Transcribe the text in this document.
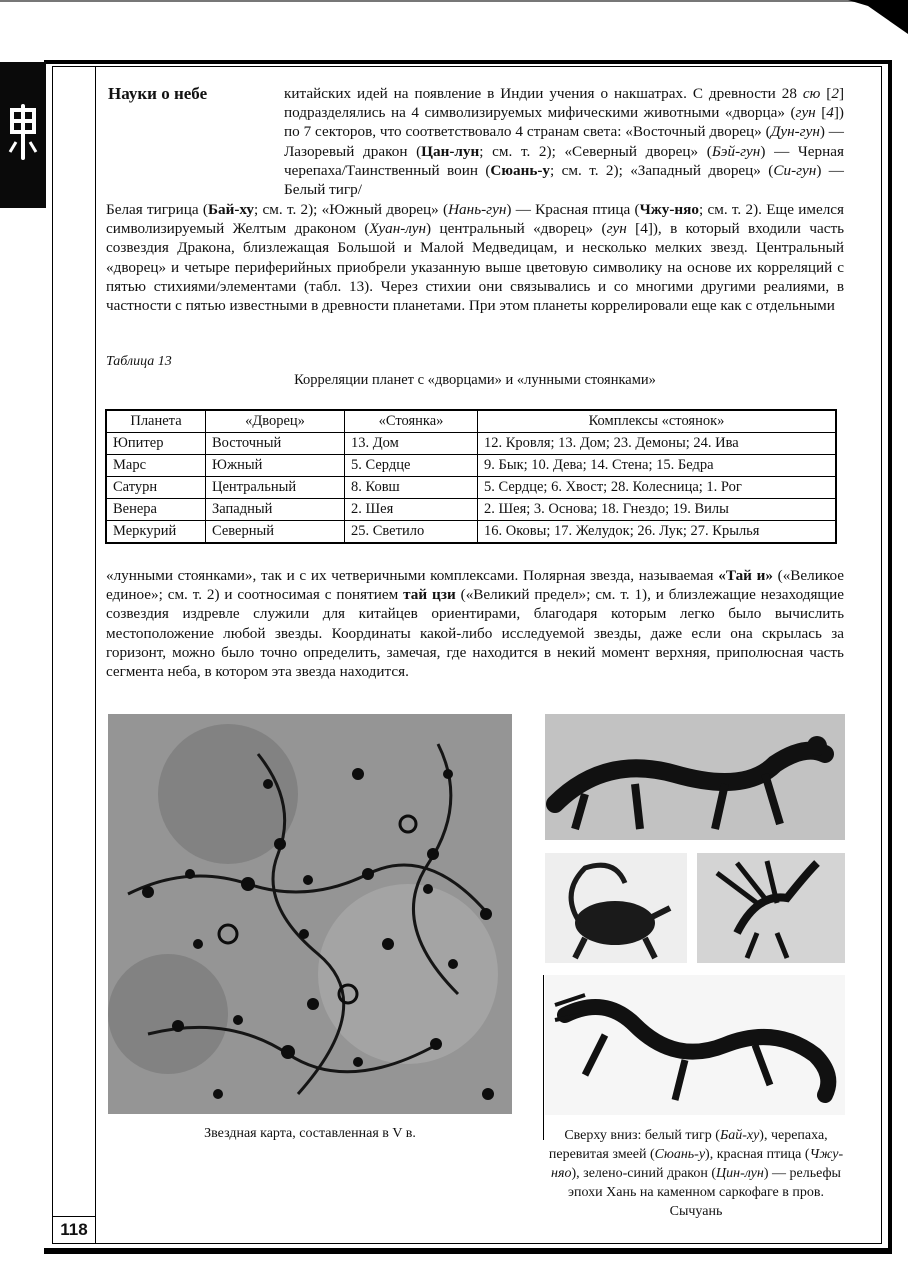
Науки о небе	китайских идей на появление в Индии учения о накшатрах. С древности 28 сю [2] подразделялись на 4 символизируемых мифическими животными «дворца» (гун [4]) по 7 секторов, что соответствовало 4 странам света: «Восточный дворец» (Дун-гун) — Лазоревый дракон (Цан-лун; см. т. 2); «Северный дворец» (Бэй-гун) — Черная черепаха/Таинственный воин (Сюань-у; см. т. 2); «Западный дворец» (Си-гун) — Белый тигр/

Белая тигрица (Бай-ху; см. т. 2); «Южный дворец» (Нань-гун) — Красная птица (Чжу-няо; см. т. 2). Еще имелся символизируемый Желтым драконом (Хуан-лун) центральный «дворец» (гун [4]), в который входили часть созвездия Дракона, близлежащая Большой и Малой Медведицам, и несколько мелких звезд. Центральный «дворец» и четыре периферийных приобрели указанную выше цветовую символику на основе их корреляций с пятью стихиями/элементами (табл. 13). Через стихии они связывались и со многими другими реалиями, в частности с пятью известными в древности планетами. При этом планеты коррелировали еще как с отдельными

Таблица 13
Корреляции планет с «дворцами» и «лунными стоянками»
Планета	«Дворец»	«Стоянка»	Комплексы «стоянок»
Юпитер	Восточный	13. Дом	12. Кровля; 13. Дом; 23. Демоны; 24. Ива
Марс	Южный	5. Сердце	9. Бык; 10. Дева; 14. Стена; 15. Бедра
Сатурн	Центральный	8. Ковш	5. Сердце; 6. Хвост; 28. Колесница; 1. Рог
Венера	Западный	2. Шея	2. Шея; 3. Основа; 18. Гнездо; 19. Вилы
Меркурий	Северный	25. Светило	16. Оковы; 17. Желудок; 26. Лук; 27. Крылья

«лунными стоянками», так и с их четверичными комплексами. Полярная звезда, называемая «Тай и» («Великое единое»; см. т. 2) и соотносимая с понятием тай цзи («Великий предел»; см. т. 1), и близлежащие незаходящие созвездия издревле служили для китайцев ориентирами, благодаря которым легко было вычислить местоположение любой звезды. Координаты какой-либо исследуемой звезды, даже если она скрылась за горизонт, можно было точно определить, замечая, где находится в некий момент верхняя, приполюсная часть сегмента неба, в котором эта звезда находится.

Звездная карта, составленная в V в.	Сверху вниз: белый тигр (Бай-ху), черепаха, перевитая змеей (Сюань-у), красная птица (Чжу-няо), зелено-синий дракон (Цин-лун) — рельефы эпохи Хань на каменном саркофаге в пров. Сычуань
118
